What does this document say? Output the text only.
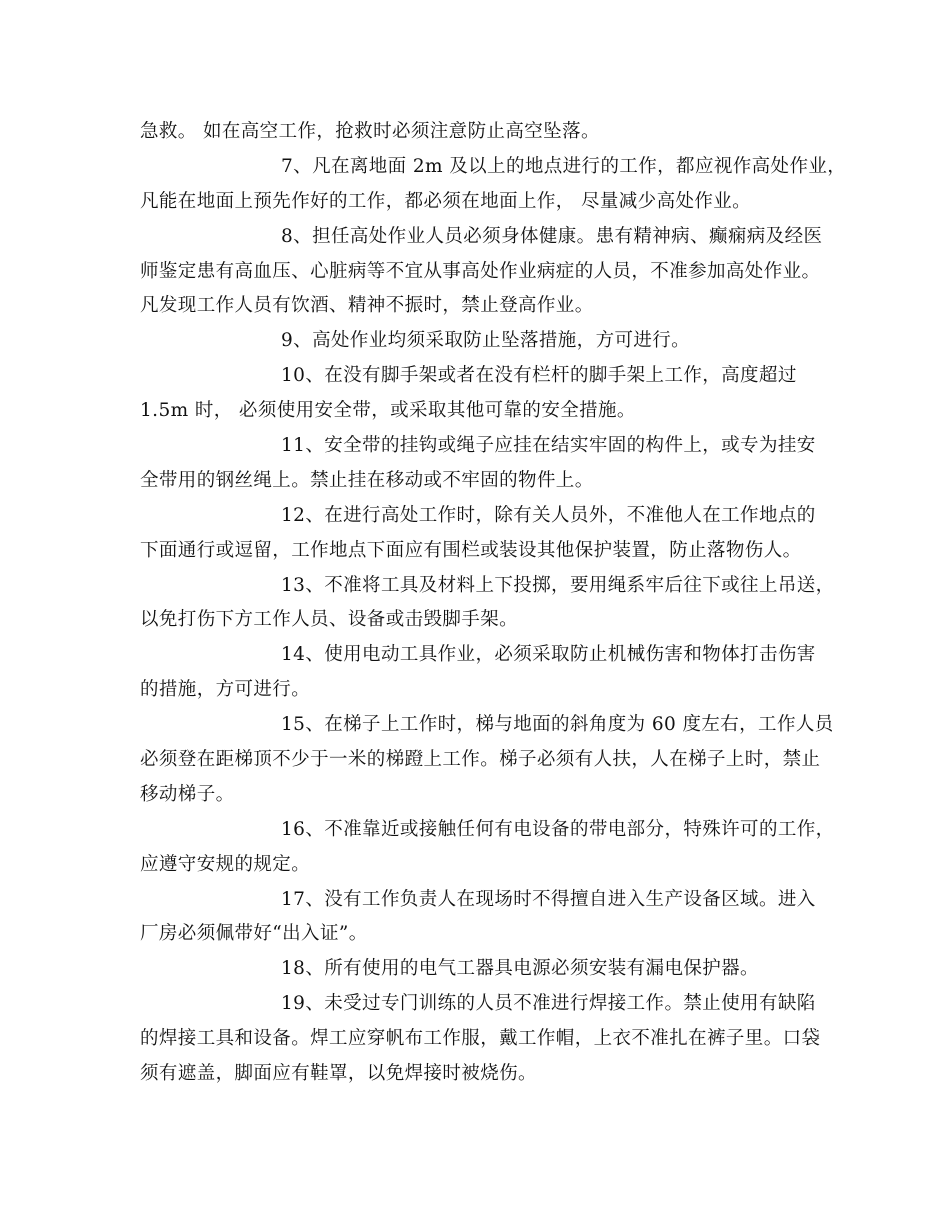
急救。 如在高空工作，抢救时必须注意防止高空坠落。
7、凡在离地面 2m 及以上的地点进行的工作，都应视作高处作业，
凡能在地面上预先作好的工作，都必须在地面上作， 尽量减少高处作业。
8、担任高处作业人员必须身体健康。患有精神病、癫痫病及经医
师鉴定患有高血压、心脏病等不宜从事高处作业病症的人员，不准参加高处作业。
凡发现工作人员有饮酒、精神不振时，禁止登高作业。
9、高处作业均须采取防止坠落措施，方可进行。
10、在没有脚手架或者在没有栏杆的脚手架上工作，高度超过
1.5m 时， 必须使用安全带，或采取其他可靠的安全措施。
11、安全带的挂钩或绳子应挂在结实牢固的构件上，或专为挂安
全带用的钢丝绳上。禁止挂在移动或不牢固的物件上。
12、在进行高处工作时，除有关人员外，不准他人在工作地点的
下面通行或逗留，工作地点下面应有围栏或装设其他保护装置，防止落物伤人。
13、不准将工具及材料上下投掷，要用绳系牢后往下或往上吊送，
以免打伤下方工作人员、设备或击毁脚手架。
14、使用电动工具作业，必须采取防止机械伤害和物体打击伤害
的措施，方可进行。
15、在梯子上工作时，梯与地面的斜角度为 60 度左右，工作人员
必须登在距梯顶不少于一米的梯蹬上工作。梯子必须有人扶，人在梯子上时，禁止
移动梯子。
16、不准靠近或接触任何有电设备的带电部分，特殊许可的工作，
应遵守安规的规定。
17、没有工作负责人在现场时不得擅自进入生产设备区域。进入
厂房必须佩带好“出入证”。
18、所有使用的电气工器具电源必须安装有漏电保护器。
19、未受过专门训练的人员不准进行焊接工作。禁止使用有缺陷
的焊接工具和设备。焊工应穿帆布工作服，戴工作帽，上衣不准扎在裤子里。口袋
须有遮盖，脚面应有鞋罩，以免焊接时被烧伤。
